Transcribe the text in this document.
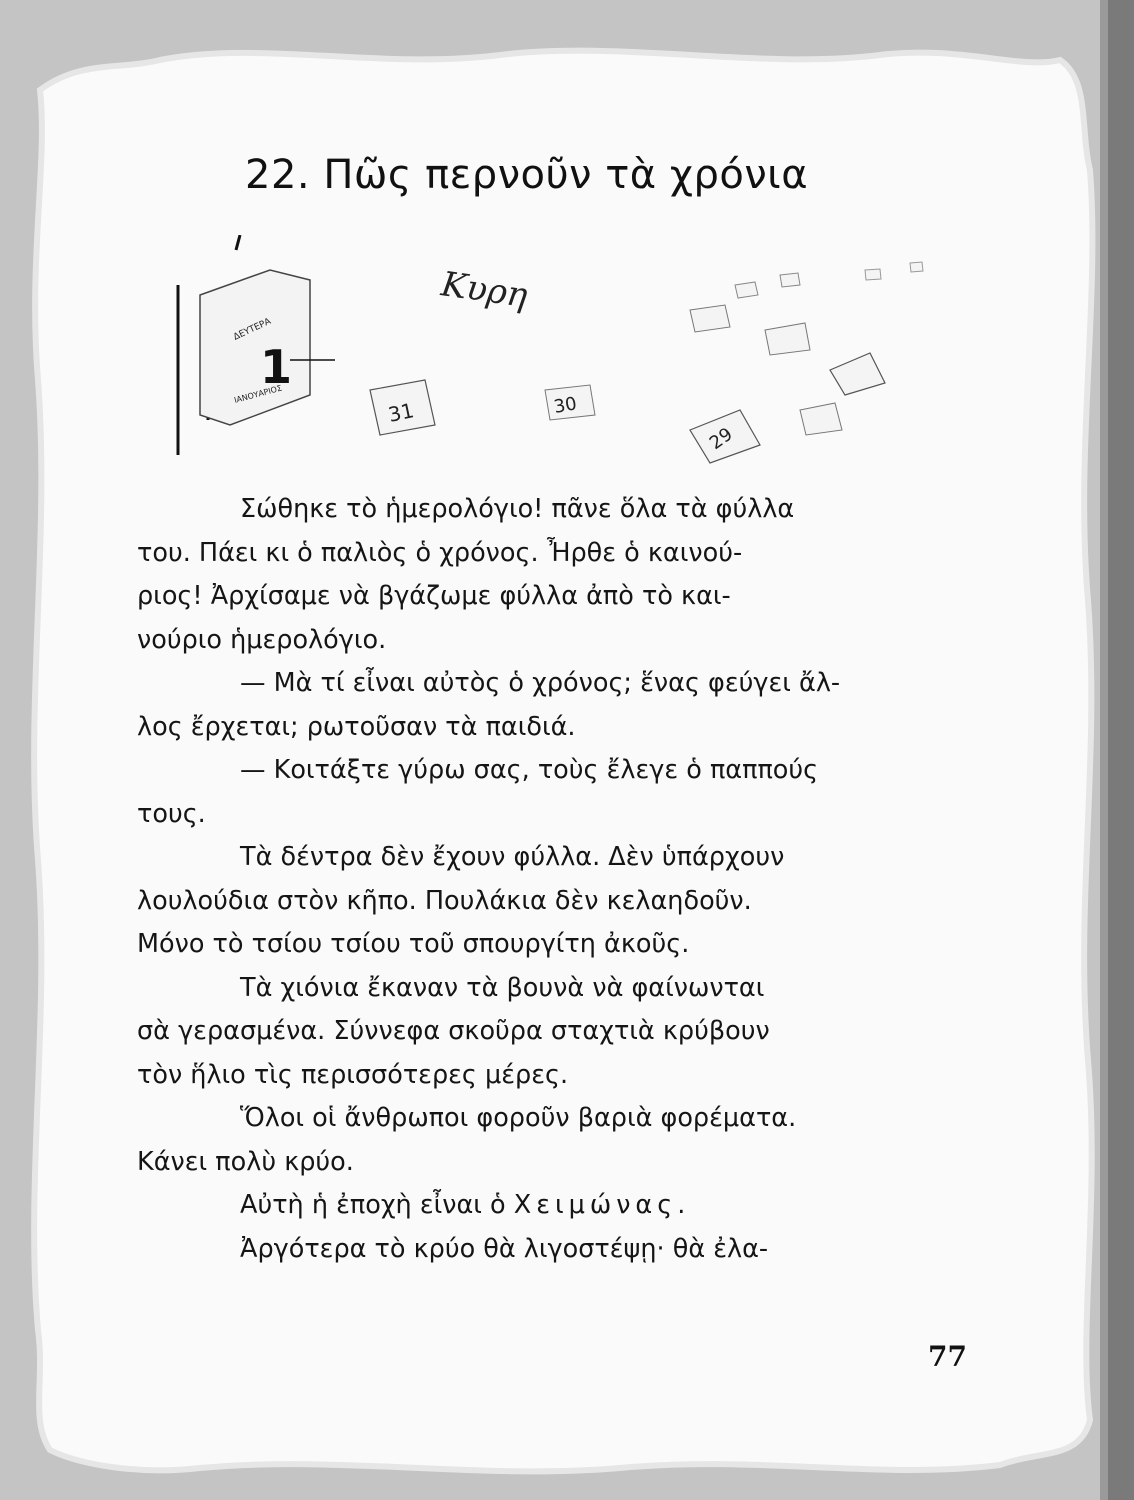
22. Πῶς περνοῦν τὰ χρόνια
ΔΕΥΤΕΡΑ
1
ΙΑΝΟΥΑΡΙΟΣ
Κυρη
31	30
29
Σώθηκε τὸ ἡμερολόγιο! πᾶνε ὅλα τὰ φύλλα
του. Πάει κι ὁ παλιὸς ὁ χρόνος. Ἦρθε ὁ καινού-
ριος! Ἀρχίσαμε νὰ βγάζωμε φύλλα ἀπὸ τὸ και-
νούριο ἡμερολόγιο.
— Μὰ τί εἶναι αὐτὸς ὁ χρόνος; ἕνας φεύγει ἄλ-
λος ἔρχεται; ρωτοῦσαν τὰ παιδιά.
— Κοιτάξτε γύρω σας, τοὺς ἔλεγε ὁ παππούς
τους.
Τὰ δέντρα δὲν ἔχουν φύλλα. Δὲν ὑπάρχουν
λουλούδια στὸν κῆπο. Πουλάκια δὲν κελαηδοῦν.
Μόνο τὸ τσίου τσίου τοῦ σπουργίτη ἀκοῦς.
Τὰ χιόνια ἔκαναν τὰ βουνὰ νὰ φαίνωνται
σὰ γερασμένα. Σύννεφα σκοῦρα σταχτιὰ κρύβουν
τὸν ἥλιο τὶς περισσότερες μέρες.
Ὅλοι οἱ ἄνθρωποι φοροῦν βαριὰ φορέματα.
Κάνει πολὺ κρύο.
Αὐτὴ ἡ ἐποχὴ εἶναι ὁ Χειμώνας.
Ἀργότερα τὸ κρύο θὰ λιγοστέψῃ· θὰ ἐλα-
77
